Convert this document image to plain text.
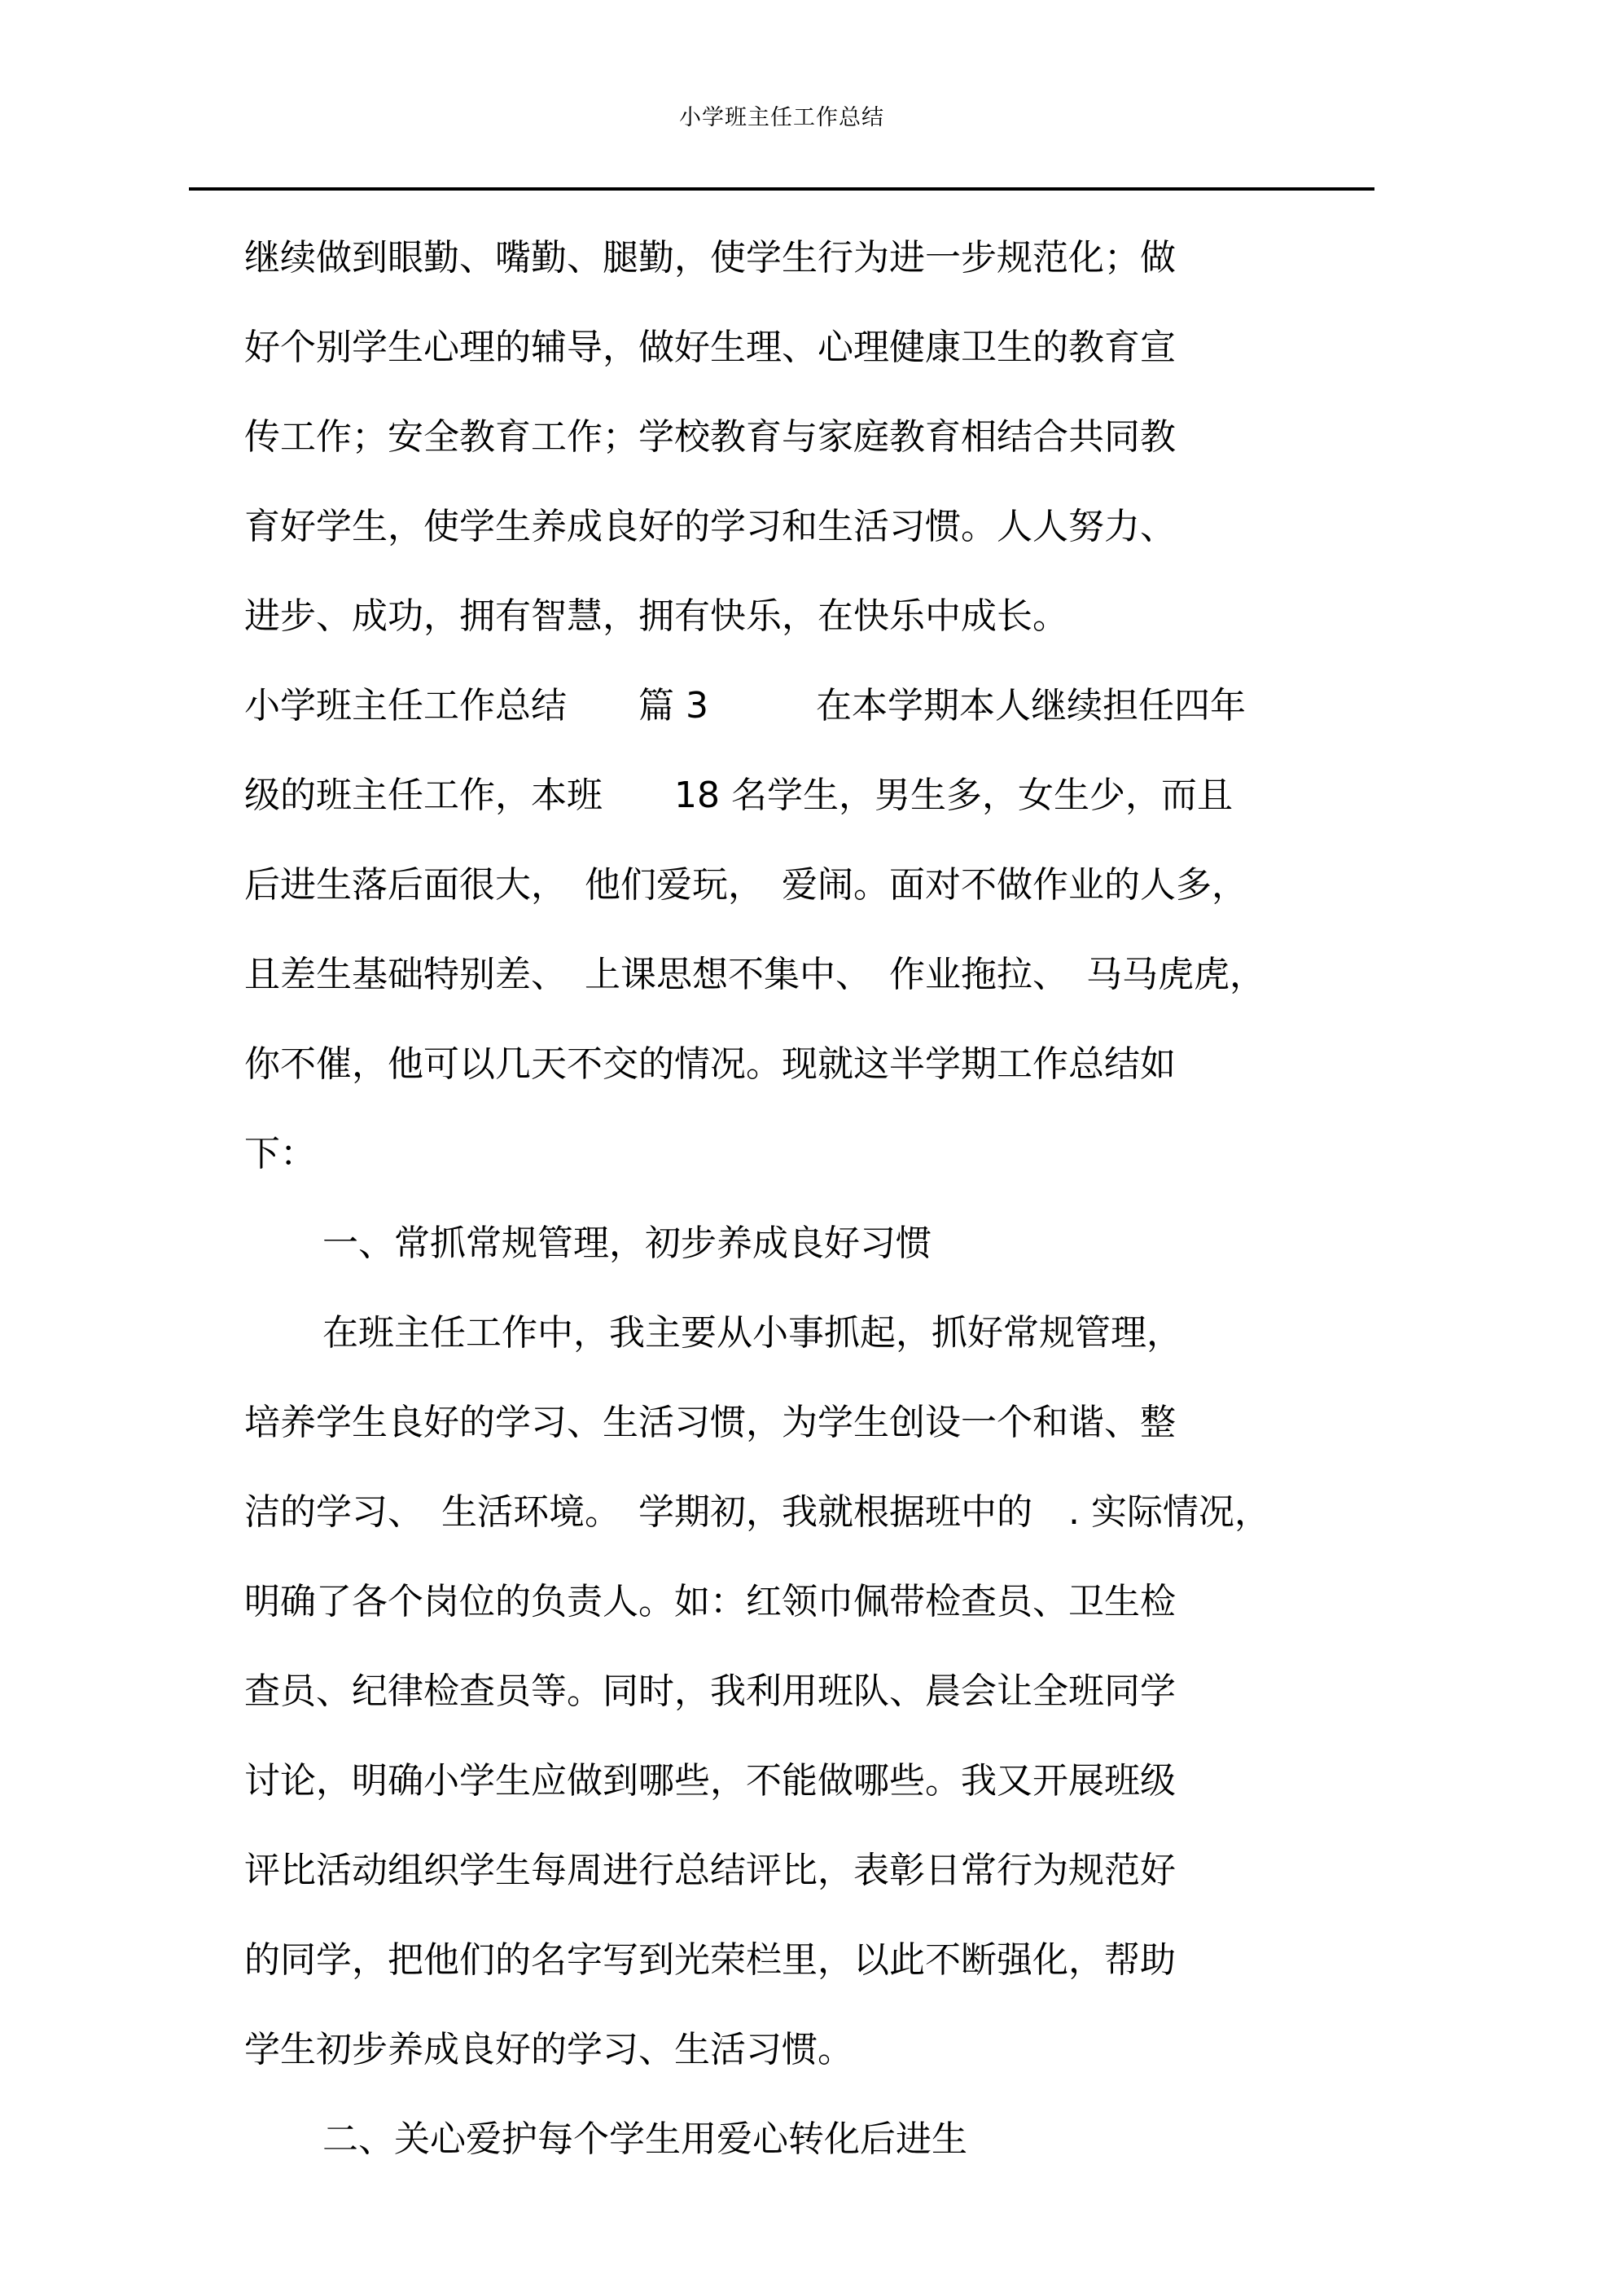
小学班主任工作总结
继续做到眼勤、嘴勤、腿勤，使学生行为进一步规范化；做
好个别学生心理的辅导，做好生理、心理健康卫生的教育宣
传工作；安全教育工作；学校教育与家庭教育相结合共同教
育好学生，使学生养成良好的学习和生活习惯。人人努力、
进步、成功，拥有智慧，拥有快乐，在快乐中成长。
小学班主任工作总结　　篇 3　　　在本学期本人继续担任四年
级的班主任工作，本班　　18 名学生，男生多，女生少，而且
后进生落后面很大，　他们爱玩，　爱闹。面对不做作业的人多，
且差生基础特别差、　上课思想不集中、　作业拖拉、　马马虎虎，
你不催，他可以几天不交的情况。现就这半学期工作总结如
下：
一、常抓常规管理，初步养成良好习惯
在班主任工作中，我主要从小事抓起，抓好常规管理，
培养学生良好的学习、生活习惯，为学生创设一个和谐、整
洁的学习、　生活环境。　学期初，我就根据班中的　. 实际情况，
明确了各个岗位的负责人。如：红领巾佩带检查员、卫生检
查员、纪律检查员等。同时，我利用班队、晨会让全班同学
讨论，明确小学生应做到哪些，不能做哪些。我又开展班级
评比活动组织学生每周进行总结评比，表彰日常行为规范好
的同学，把他们的名字写到光荣栏里，以此不断强化，帮助
学生初步养成良好的学习、生活习惯。
二、关心爱护每个学生用爱心转化后进生
